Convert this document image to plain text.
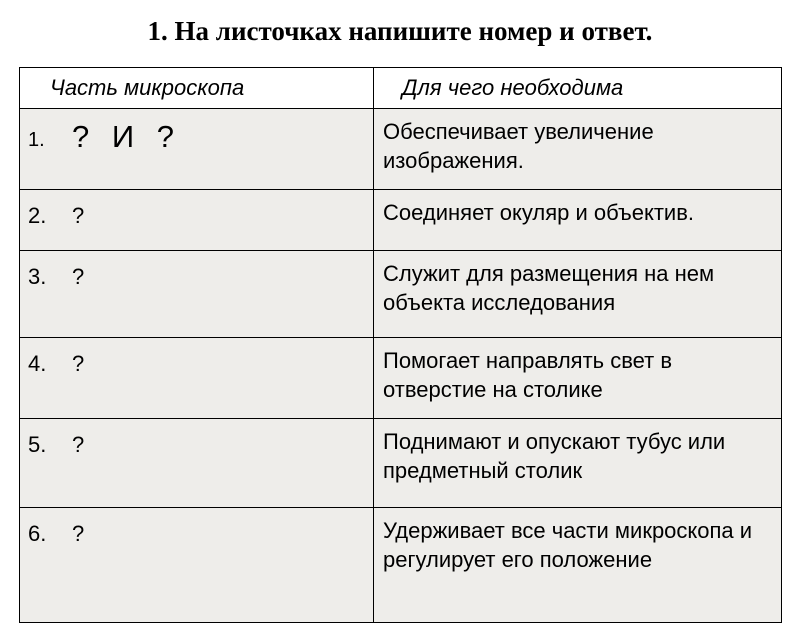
1. На листочках напишите номер и ответ.
Часть микроскопа	Для чего необходима
1. ? И ?	Обеспечивает увеличение изображения.
2. ?	Соединяет окуляр и объектив.
3. ?	Служит для размещения на нем объекта исследования
4. ?	Помогает направлять свет в отверстие на столике
5. ?	Поднимают и опускают тубус или предметный столик
6. ?	Удерживает все части микроскопа и регулирует его положение
